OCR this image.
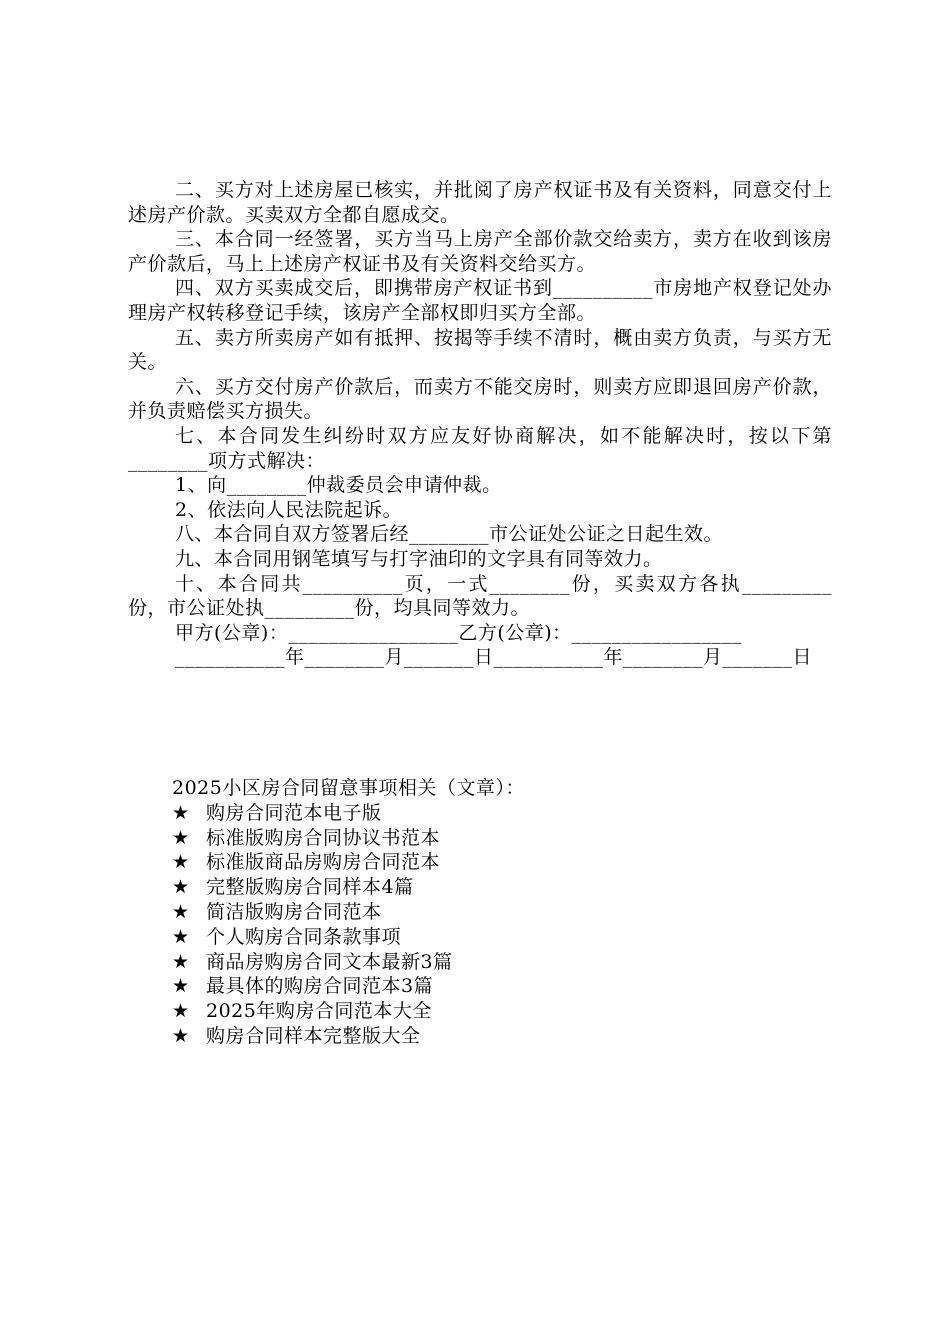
二、买方对上述房屋已核实，并批阅了房产权证书及有关资料，同意交付上述房产价款。买卖双方全都自愿成交。

三、本合同一经签署，买方当马上房产全部价款交给卖方，卖方在收到该房产价款后，马上上述房产权证书及有关资料交给买方。

四、双方买卖成交后，即携带房产权证书到__________市房地产权登记处办理房产权转移登记手续，该房产全部权即归买方全部。

五、卖方所卖房产如有抵押、按揭等手续不清时，概由卖方负责，与买方无关。

六、买方交付房产价款后，而卖方不能交房时，则卖方应即退回房产价款，并负责赔偿买方损失。

七、本合同发生纠纷时双方应友好协商解决，如不能解决时，按以下第________项方式解决：

1、向________仲裁委员会申请仲裁。

2、依法向人民法院起诉。

八、本合同自双方签署后经________市公证处公证之日起生效。

九、本合同用钢笔填写与打字油印的文字具有同等效力。

十、本合同共__________页，一式________份，买卖双方各执_________份，市公证处执_________份，均具同等效力。

甲方(公章)：_________________乙方(公章)：_________________

___________年________月_______日___________年________月_______日

2025小区房合同留意事项相关（文章）：

★ 购房合同范本电子版
★ 标准版购房合同协议书范本
★ 标准版商品房购房合同范本
★ 完整版购房合同样本4篇
★ 简洁版购房合同范本
★ 个人购房合同条款事项
★ 商品房购房合同文本最新3篇
★ 最具体的购房合同范本3篇
★ 2025年购房合同范本大全
★ 购房合同样本完整版大全
